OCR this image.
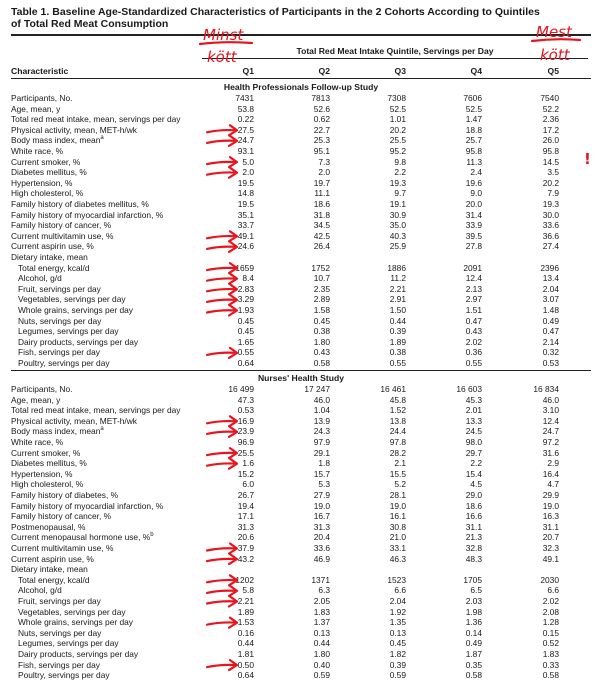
Table 1. Baseline Age-Standardized Characteristics of Participants in the 2 Cohorts According to Quintiles
of Total Red Meat Consumption
Total Red Meat Intake Quintile, Servings per Day
Characteristic	Q1	Q2	Q3	Q4	Q5
Health Professionals Follow-up Study
Participants, No.	7431	7813	7308	7606	7540
Age, mean, y	53.8	52.6	52.5	52.5	52.2
Total red meat intake, mean, servings per day	0.22	0.62	1.01	1.47	2.36
Physical activity, mean, MET-h/wk	27.5	22.7	20.2	18.8	17.2
Body mass index, mean$^a$	24.7	25.3	25.5	25.7	26.0
White race, %	93.1	95.1	95.2	95.8	95.8
Current smoker, %	5.0	7.3	9.8	11.3	14.5
Diabetes mellitus, %	2.0	2.0	2.2	2.4	3.5
Hypertension, %	19.5	19.7	19.3	19.6	20.2
High cholesterol, %	14.8	11.1	9.7	9.0	7.9
Family history of diabetes mellitus, %	19.5	18.6	19.1	20.0	19.3
Family history of myocardial infarction, %	35.1	31.8	30.9	31.4	30.0
Family history of cancer, %	33.7	34.5	35.0	33.9	33.6
Current multivitamin use, %	49.1	42.5	40.3	39.5	36.6
Current aspirin use, %	24.6	26.4	25.9	27.8	27.4
Dietary intake, mean
Total energy, kcal/d	1659	1752	1886	2091	2396
Alcohol, g/d	8.4	10.7	11.2	12.4	13.4
Fruit, servings per day	2.83	2.35	2.21	2.13	2.04
Vegetables, servings per day	3.29	2.89	2.91	2.97	3.07
Whole grains, servings per day	1.93	1.58	1.50	1.51	1.48
Nuts, servings per day	0.45	0.45	0.44	0.47	0.49
Legumes, servings per day	0.45	0.38	0.39	0.43	0.47
Dairy products, servings per day	1.65	1.80	1.89	2.02	2.14
Fish, servings per day	0.55	0.43	0.38	0.36	0.32
Poultry, servings per day	0.64	0.58	0.55	0.55	0.53
Nurses' Health Study
Participants, No.	16 499	17 247	16 461	16 603	16 834
Age, mean, y	47.3	46.0	45.8	45.3	46.0
Total red meat intake, mean, servings per day	0.53	1.04	1.52	2.01	3.10
Physical activity, mean, MET-h/wk	16.9	13.9	13.8	13.3	12.4
Body mass index, mean$^a$	23.9	24.3	24.4	24.5	24.7
White race, %	96.9	97.9	97.8	98.0	97.2
Current smoker, %	25.5	29.1	28.2	29.7	31.6
Diabetes mellitus, %	1.6	1.8	2.1	2.2	2.9
Hypertension, %	15.2	15.7	15.5	15.4	16.4
High cholesterol, %	6.0	5.3	5.2	4.5	4.7
Family history of diabetes, %	26.7	27.9	28.1	29.0	29.9
Family history of myocardial infarction, %	19.4	19.0	19.0	18.6	19.0
Family history of cancer, %	17.1	16.7	16.1	16.6	16.3
Postmenopausal, %	31.3	31.3	30.8	31.1	31.1
Current menopausal hormone use, %$^b$	20.6	20.4	21.0	21.3	20.7
Current multivitamin use, %	37.9	33.6	33.1	32.8	32.3
Current aspirin use, %	43.2	46.9	46.3	48.3	49.1
Dietary intake, mean
Total energy, kcal/d	1202	1371	1523	1705	2030
Alcohol, g/d	5.8	6.3	6.6	6.5	6.6
Fruit, servings per day	2.21	2.05	2.04	2.03	2.02
Vegetables, servings per day	1.89	1.83	1.92	1.98	2.08
Whole grains, servings per day	1.53	1.37	1.35	1.36	1.28
Nuts, servings per day	0.16	0.13	0.13	0.14	0.15
Legumes, servings per day	0.44	0.44	0.45	0.49	0.52
Dairy products, servings per day	1.81	1.80	1.82	1.87	1.83
Fish, servings per day	0.50	0.40	0.39	0.35	0.33
Poultry, servings per day	0.64	0.59	0.59	0.58	0.58
Minst
kött
Mest
kött
!
